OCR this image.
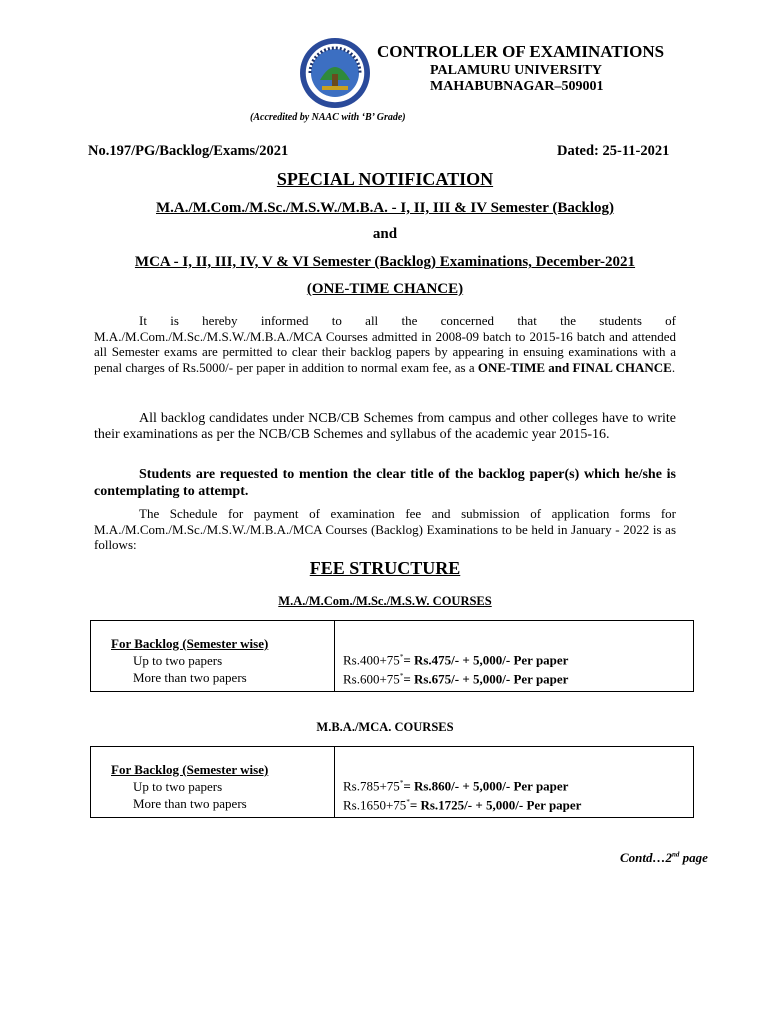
CONTROLLER OF EXAMINATIONS
PALAMURU UNIVERSITY
MAHABUBNAGAR–509001
(Accredited by NAAC with ‘B’ Grade)
No.197/PG/Backlog/Exams/2021	Dated: 25-11-2021
SPECIAL NOTIFICATION
M.A./M.Com./M.Sc./M.S.W./M.B.A. - I, II, III & IV Semester (Backlog)
and
MCA - I, II, III, IV, V & VI Semester (Backlog) Examinations, December-2021
(ONE-TIME CHANCE)
It is hereby informed to all the concerned that the students of M.A./M.Com./M.Sc./M.S.W./M.B.A./MCA Courses admitted in 2008-09 batch to 2015-16 batch and attended all Semester exams are permitted to clear their backlog papers by appearing in ensuing examinations with a penal charges of Rs.5000/- per paper in addition to normal exam fee, as a ONE-TIME and FINAL CHANCE.
All backlog candidates under NCB/CB Schemes from campus and other colleges have to write their examinations as per the NCB/CB Schemes and syllabus of the academic year 2015-16.
Students are requested to mention the clear title of the backlog paper(s) which he/she is contemplating to attempt.
The Schedule for payment of examination fee and submission of application forms for M.A./M.Com./M.Sc./M.S.W./M.B.A./MCA Courses (Backlog) Examinations to be held in January - 2022 is as follows:
FEE STRUCTURE
M.A./M.Com./M.Sc./M.S.W. COURSES
For Backlog (Semester wise)
Up to two papers
More than two papers
Rs.400+75*= Rs.475/- + 5,000/- Per paper
Rs.600+75*= Rs.675/- + 5,000/- Per paper
M.B.A./MCA. COURSES
For Backlog (Semester wise)
Up to two papers
More than two papers
Rs.785+75*= Rs.860/- + 5,000/- Per paper
Rs.1650+75*= Rs.1725/- + 5,000/- Per paper
Contd…2nd page
